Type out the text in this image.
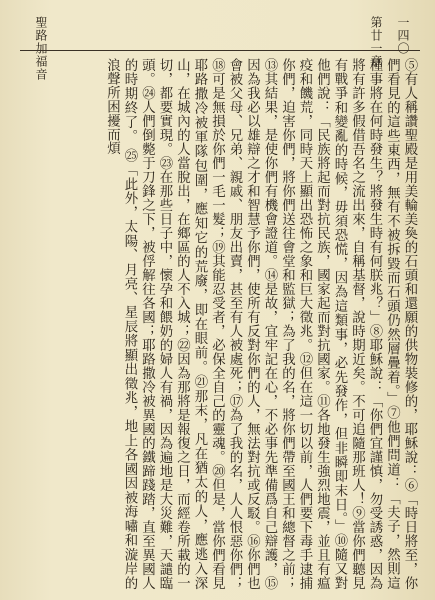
一四〇
第廿一章
聖路加福音
⑤有人稱讚聖殿是用美輪美奐的石頭和還願的供物裝修的，耶穌說：⑥「時日將至，你們看見的這些東西，無有不被拆毀而石頭仍然層疊着。」⑦他們問道：「夫子，然則這種事將在何時發生？將發生時有何朕兆？」⑧耶穌說：「你們宜謹慎，勿受誘惑，因為將有許多假借吾名之流出來，自稱基督，說時期近矣。不可追隨那班人！⑨當你們聽見有戰爭和變亂的時候，毋須恐慌，因為這類事，必先發作，但非瞬即末日。」⑩隨又對他們說：「民族將起而對抗民族，國家起而對抗國家。⑪各地發生強烈地震，並且有瘟疫和饑荒，同時天上顯出恐怖之象和巨大徵兆。⑫但在這一切以前，人們要下毒手逮捕你們，迫害你們，將你們送往會堂和監獄；為了我的名，將你們帶至國王和總督之前；⑬其結果，是使你們有機會證道。⑭是故，宜牢記在心，不必事先準備爲自己辯護，⑮因為我必以雄辯之才和智慧予你們，使所有反對你們的人，無法對抗或反駁。⑯你們也會被父母、兄弟、親戚、朋友出賣，甚至有人被處死；⑰為了我的名，人人恨惡你們；⑱可是無損於你們一毛一髮；⑲其能忍受者，必保全自己的靈魂。⑳但是，當你們看見耶路撒冷被軍隊包圍，應知它的荒廢，即在眼前。㉑那末，凡在猶太的人，應逃入深山，在城內的人當脫出，在鄉區的人不入城；㉒因為那將是報復之日，而經卷所載的一切，都要實現。㉓在那些日子中，懷孕和餵奶的婦人有禍，因為遍地是大災難，天譴臨頭。㉔人們倒斃于刀鋒之下，被俘解往各國；耶路撒冷被異國的鐵蹄踐踏，直至異國人的時期終了。 ㉕「此外，太陽、月亮、星辰將顯出徵兆，地上各國因被海嘯和漩岸的浪聲所困擾而煩
